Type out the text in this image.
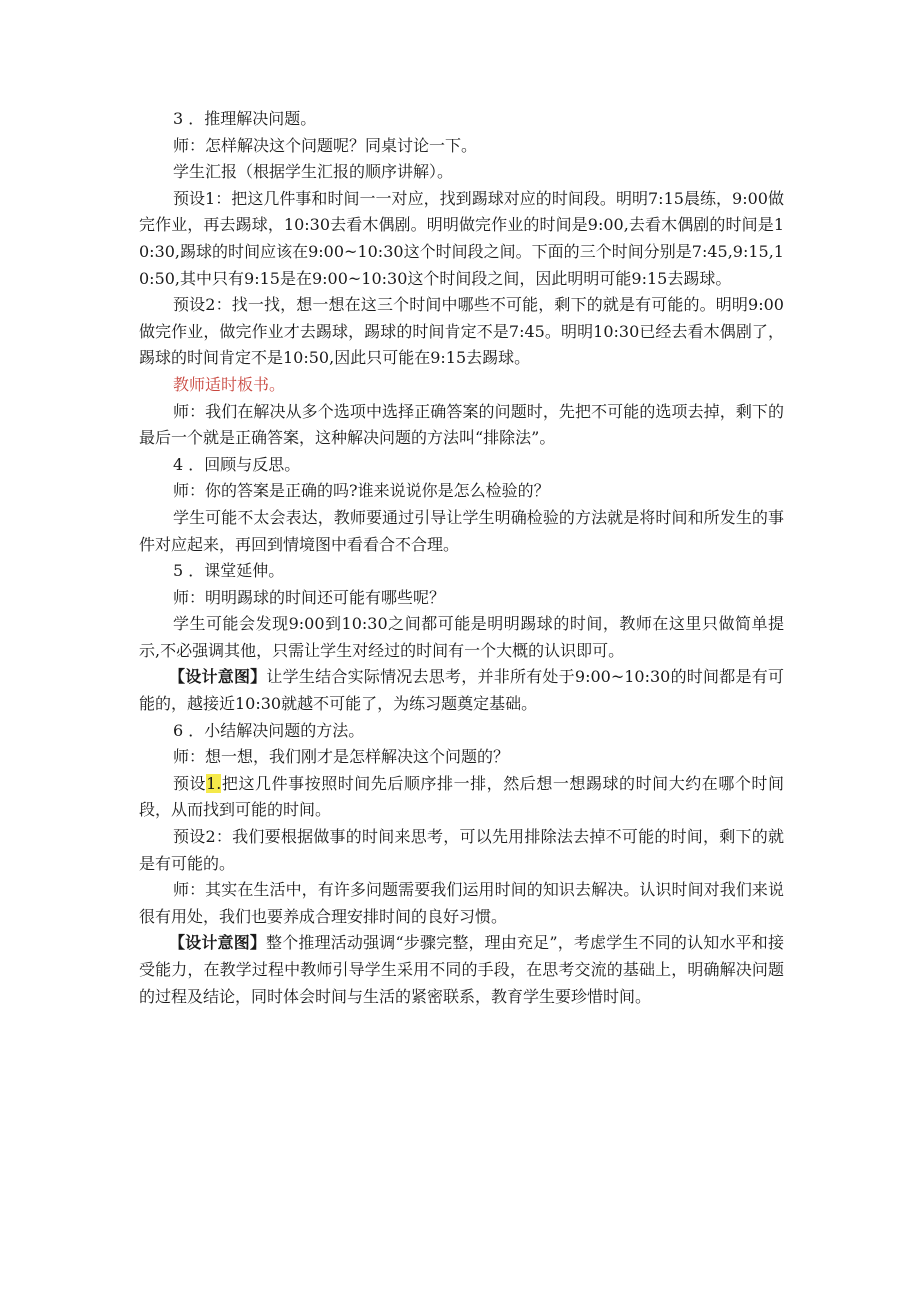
3 ．推理解决问题。

师：怎样解决这个问题呢？同桌讨论一下。

学生汇报（根据学生汇报的顺序讲解）。

预设1：把这几件事和时间一一对应，找到踢球对应的时间段。明明7:15晨练，9:00做完作业，再去踢球，10:30去看木偶剧。明明做完作业的时间是9:00,去看木偶剧的时间是10:30,踢球的时间应该在9:00~10:30这个时间段之间。下面的三个时间分别是7:45,9:15,10:50,其中只有9:15是在9:00~10:30这个时间段之间，因此明明可能9:15去踢球。

预设2：找一找，想一想在这三个时间中哪些不可能，剩下的就是有可能的。明明9:00做完作业，做完作业才去踢球，踢球的时间肯定不是7:45。明明10:30已经去看木偶剧了，踢球的时间肯定不是10:50,因此只可能在9:15去踢球。

教师适时板书。

师：我们在解决从多个选项中选择正确答案的问题时，先把不可能的选项去掉，剩下的最后一个就是正确答案，这种解决问题的方法叫“排除法”。

4 ．回顾与反思。

师：你的答案是正确的吗?谁来说说你是怎么检验的？

学生可能不太会表达，教师要通过引导让学生明确检验的方法就是将时间和所发生的事件对应起来，再回到情境图中看看合不合理。

5 ．课堂延伸。

师：明明踢球的时间还可能有哪些呢？

学生可能会发现9:00到10:30之间都可能是明明踢球的时间，教师在这里只做简单提示,不必强调其他，只需让学生对经过的时间有一个大概的认识即可。

【设计意图】让学生结合实际情况去思考，并非所有处于9:00~10:30的时间都是有可能的，越接近10:30就越不可能了，为练习题奠定基础。

6 ．小结解决问题的方法。

师：想一想，我们刚才是怎样解决这个问题的？

预设1.把这几件事按照时间先后顺序排一排，然后想一想踢球的时间大约在哪个时间段，从而找到可能的时间。

预设2：我们要根据做事的时间来思考，可以先用排除法去掉不可能的时间，剩下的就是有可能的。

师：其实在生活中，有许多问题需要我们运用时间的知识去解决。认识时间对我们来说很有用处，我们也要养成合理安排时间的良好习惯。

【设计意图】整个推理活动强调“步骤完整，理由充足”，考虑学生不同的认知水平和接受能力，在教学过程中教师引导学生采用不同的手段，在思考交流的基础上，明确解决问题的过程及结论，同时体会时间与生活的紧密联系，教育学生要珍惜时间。
